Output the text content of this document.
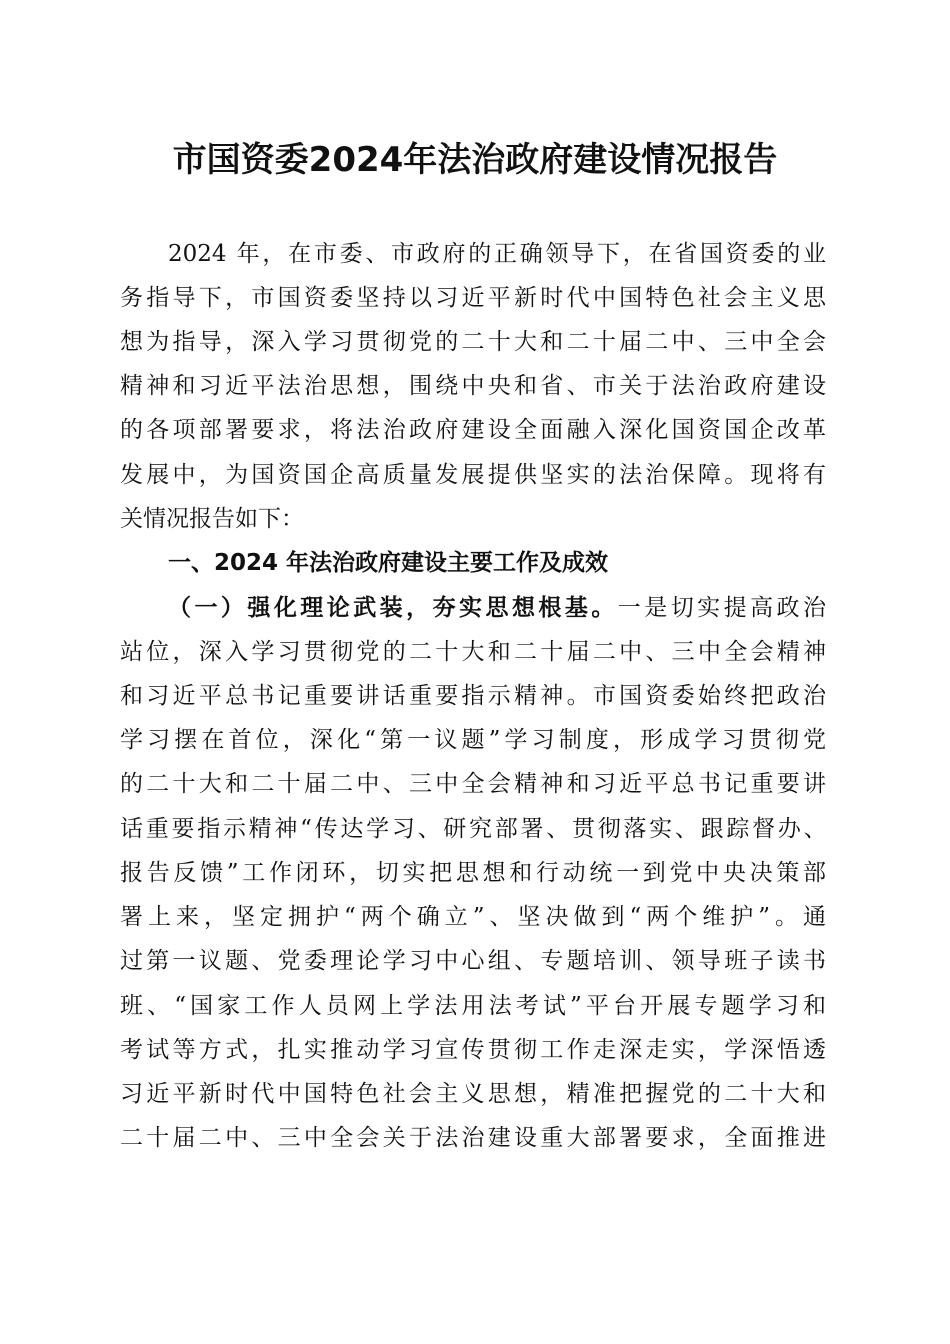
市国资委2024年法治政府建设情况报告

2024 年，在市委、市政府的正确领导下，在省国资委的业

务指导下，市国资委坚持以习近平新时代中国特色社会主义思

想为指导，深入学习贯彻党的二十大和二十届二中、三中全会

精神和习近平法治思想，围绕中央和省、市关于法治政府建设

的各项部署要求，将法治政府建设全面融入深化国资国企改革

发展中，为国资国企高质量发展提供坚实的法治保障。现将有

关情况报告如下：

一、2024 年法治政府建设主要工作及成效

（一）强化理论武装，夯实思想根基。一是切实提高政治

站位，深入学习贯彻党的二十大和二十届二中、三中全会精神

和习近平总书记重要讲话重要指示精神。市国资委始终把政治

学习摆在首位，深化“第一议题”学习制度，形成学习贯彻党

的二十大和二十届二中、三中全会精神和习近平总书记重要讲

话重要指示精神“传达学习、研究部署、贯彻落实、跟踪督办、

报告反馈”工作闭环，切实把思想和行动统一到党中央决策部

署上来，坚定拥护“两个确立”、坚决做到“两个维护”。通

过第一议题、党委理论学习中心组、专题培训、领导班子读书

班、“国家工作人员网上学法用法考试”平台开展专题学习和

考试等方式，扎实推动学习宣传贯彻工作走深走实，学深悟透

习近平新时代中国特色社会主义思想，精准把握党的二十大和

二十届二中、三中全会关于法治建设重大部署要求，全面推进
